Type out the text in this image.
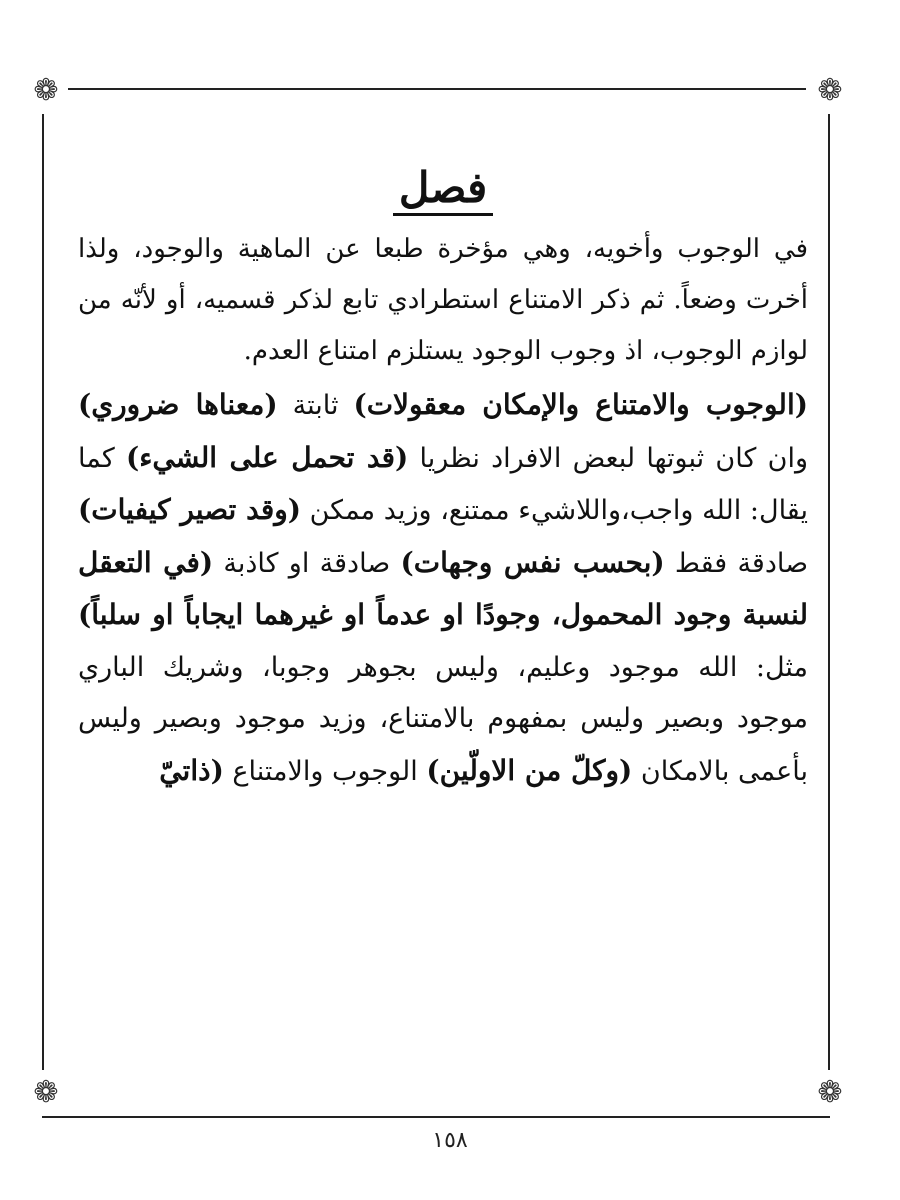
❁	❁
❁	❁
فصل

في الوجوب وأخويه، وهي مؤخرة طبعا عن الماهية والوجود، ولذا أخرت وضعاً. ثم ذكر الامتناع استطرادي تابع لذكر قسميه، أو لأنّه من لوازم الوجوب، اذ وجوب الوجود يستلزم امتناع العدم.

(الوجوب والامتناع والإمكان معقولات) ثابتة (معناها ضروري) وان كان ثبوتها لبعض الافراد نظريا (قد تحمل على الشيء) كما يقال: الله واجب،واللاشيء ممتنع، وزيد ممكن (وقد تصير كيفيات) صادقة فقط (بحسب نفس وجهات) صادقة او كاذبة (في التعقل لنسبة وجود المحمول، وجودًا او عدماً او غيرهما ايجاباً او سلباً) مثل: الله موجود وعليم، وليس بجوهر وجوبا، وشريك الباري موجود وبصير وليس بمفهوم بالامتناع، وزيد موجود وبصير وليس بأعمى بالامكان (وكلّ من الاولّين) الوجوب والامتناع (ذاتيّ

١٥٨
